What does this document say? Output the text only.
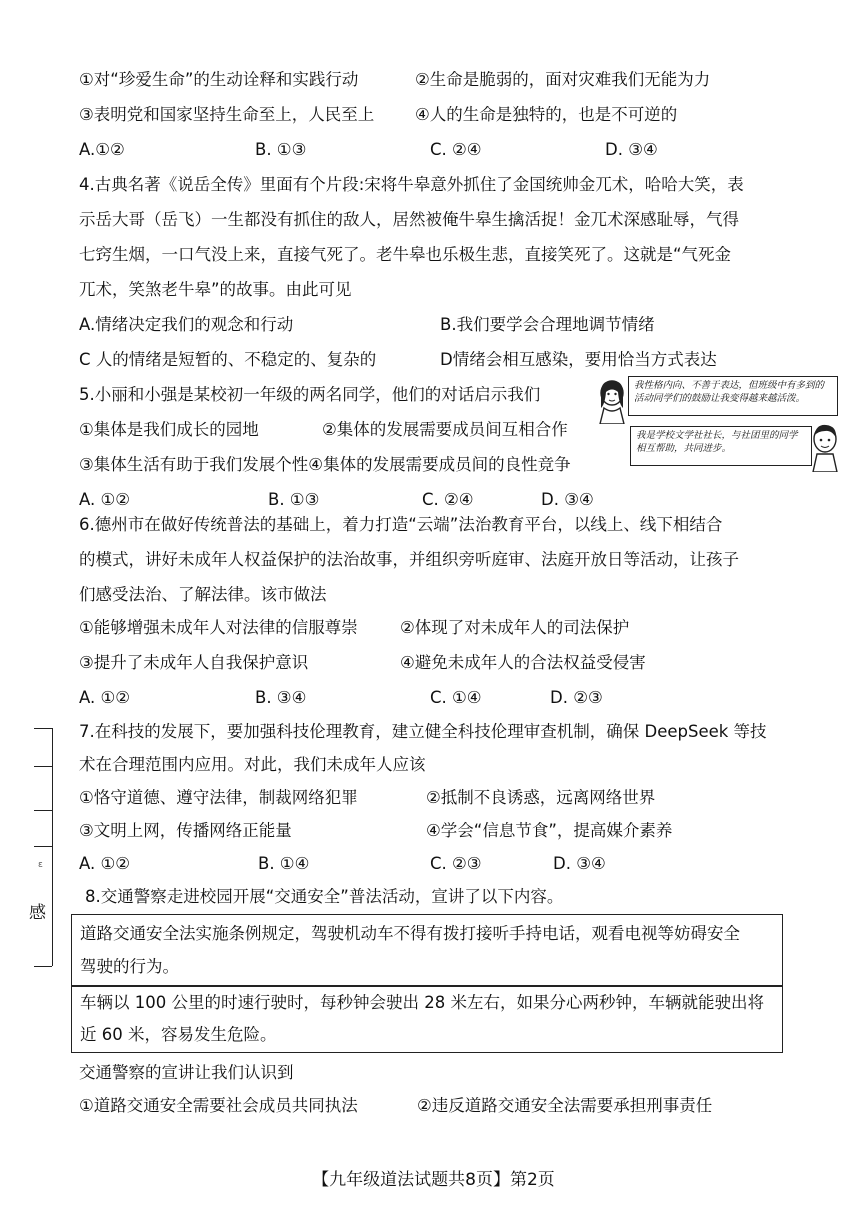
①对“珍爱生命”的生动诠释和实践行动	②生命是脆弱的，面对灾难我们无能为力
③表明党和国家坚持生命至上，人民至上 ④人的生命是独特的，也是不可逆的
A.①②	B. ①③	C. ②④	D. ③④
4.古典名著《说岳全传》里面有个片段:宋将牛皋意外抓住了金国统帅金兀术，哈哈大笑，表
示岳大哥（岳飞）一生都没有抓住的敌人，居然被俺牛皋生擒活捉！金兀术深感耻辱，气得
七窍生烟，一口气没上来，直接气死了。老牛皋也乐极生悲，直接笑死了。这就是“气死金
兀术，笑煞老牛皋”的故事。由此可见
A.情绪决定我们的观念和行动	B.我们要学会合理地调节情绪
C 人的情绪是短暂的、不稳定的、复杂的	D情绪会相互感染，要用恰当方式表达
5.小丽和小强是某校初一年级的两名同学，他们的对话启示我们
①集体是我们成长的园地	②集体的发展需要成员间互相合作
③集体生活有助于我们发展个性④集体的发展需要成员间的良性竞争
A. ①②	B. ①③	C. ②④	D. ③④
我性格内向、不善于表达，但班级中有多到的活动同学们的鼓励让我变得越来越活泼。
我是学校文学社社长，与社团里的同学相互帮助，共同进步。
6.德州市在做好传统普法的基础上，着力打造“云端”法治教育平台，以线上、线下相结合
的模式，讲好未成年人权益保护的法治故事，并组织旁听庭审、法庭开放日等活动，让孩子
们感受法治、了解法律。该市做法
①能够增强未成年人对法律的信服尊崇	②体现了对未成年人的司法保护
③提升了未成年人自我保护意识	④避免未成年人的合法权益受侵害
A. ①②	B. ③④	C. ①④	D. ②③
7.在科技的发展下，要加强科技伦理教育，建立健全科技伦理审查机制，确保 DeepSeek 等技
术在合理范围内应用。对此，我们未成年人应该
①恪守道德、遵守法律，制裁网络犯罪	②抵制不良诱惑，远离网络世界
③文明上网，传播网络正能量	④学会“信息节食”，提高媒介素养
A. ①②	B. ①④	C. ②③	D. ③④
8.交通警察走进校园开展“交通安全”普法活动，宣讲了以下内容。
道路交通安全法实施条例规定，驾驶机动车不得有拨打接听手持电话，观看电视等妨碍安全
驾驶的行为。
车辆以 100 公里的时速行驶时，每秒钟会驶出 28 米左右，如果分心两秒钟，车辆就能驶出将
近 60 米，容易发生危险。
交通警察的宣讲让我们认识到
①道路交通安全需要社会成员共同执法	②违反道路交通安全法需要承担刑事责任
ε
感
【九年级道法试题共8页】第2页
